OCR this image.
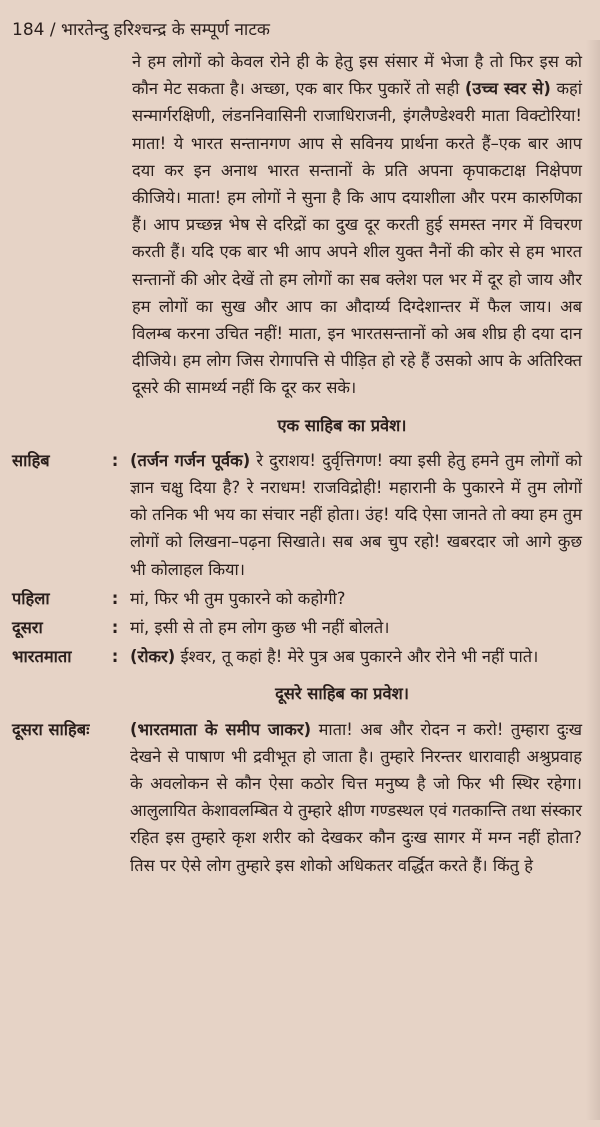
184 / भारतेन्दु हरिश्चन्द्र के सम्पूर्ण नाटक

ने हम लोगों को केवल रोने ही के हेतु इस संसार में भेजा है तो फिर इस को कौन मेट सकता है। अच्छा, एक बार फिर पुकारें तो सही (उच्च स्वर से) कहां सन्मार्गरक्षिणी, लंडननिवासिनी राजाधिराजनी, इंगलैण्डेश्वरी माता विक्टोरिया! माता! ये भारत सन्तानगण आप से सविनय प्रार्थना करते हैं–एक बार आप दया कर इन अनाथ भारत सन्तानों के प्रति अपना कृपाकटाक्ष निक्षेपण कीजिये। माता! हम लोगों ने सुना है कि आप दयाशीला और परम कारुणिका हैं। आप प्रच्छन्न भेष से दरिद्रों का दुख दूर करती हुई समस्त नगर में विचरण करती हैं। यदि एक बार भी आप अपने शील युक्त नैनों की कोर से हम भारत सन्तानों की ओर देखें तो हम लोगों का सब क्लेश पल भर में दूर हो जाय और हम लोगों का सुख और आप का औदार्य्य दिग्देशान्तर में फैल जाय। अब विलम्ब करना उचित नहीं! माता, इन भारतसन्तानों को अब शीघ्र ही दया दान दीजिये। हम लोग जिस रोगापत्ति से पीड़ित हो रहे हैं उसको आप के अतिरिक्त दूसरे की सामर्थ्य नहीं कि दूर कर सके।

एक साहिब का प्रवेश।
साहिब	: (तर्जन गर्जन पूर्वक) रे दुराशय! दुर्वृत्तिगण! क्या इसी हेतु हमने तुम लोगों को ज्ञान चक्षु दिया है? रे नराधम! राजविद्रोही! महारानी के पुकारने में तुम लोगों को तनिक भी भय का संचार नहीं होता। उंह! यदि ऐसा जानते तो क्या हम तुम लोगों को लिखना–पढ़ना सिखाते। सब अब चुप रहो! खबरदार जो आगे कुछ भी कोलाहल किया।
पहिला	: मां, फिर भी तुम पुकारने को कहोगी?
दूसरा	: मां, इसी से तो हम लोग कुछ भी नहीं बोलते।
भारतमाता	: (रोकर) ईश्वर, तू कहां है! मेरे पुत्र अब पुकारने और रोने भी नहीं पाते।
दूसरे साहिब का प्रवेश।
दूसरा साहिबः	(भारतमाता के समीप जाकर) माता! अब और रोदन न करो! तुम्हारा दुःख देखने से पाषाण भी द्रवीभूत हो जाता है। तुम्हारे निरन्तर धारावाही अश्रुप्रवाह के अवलोकन से कौन ऐसा कठोर चित्त मनुष्य है जो फिर भी स्थिर रहेगा। आलुलायित केशावलम्बित ये तुम्हारे क्षीण गण्डस्थल एवं गतकान्ति तथा संस्कार रहित इस तुम्हारे कृश शरीर को देखकर कौन दुःख सागर में मग्न नहीं होता? तिस पर ऐसे लोग तुम्हारे इस शोको अधिकतर वर्द्धित करते हैं। किंतु हे
